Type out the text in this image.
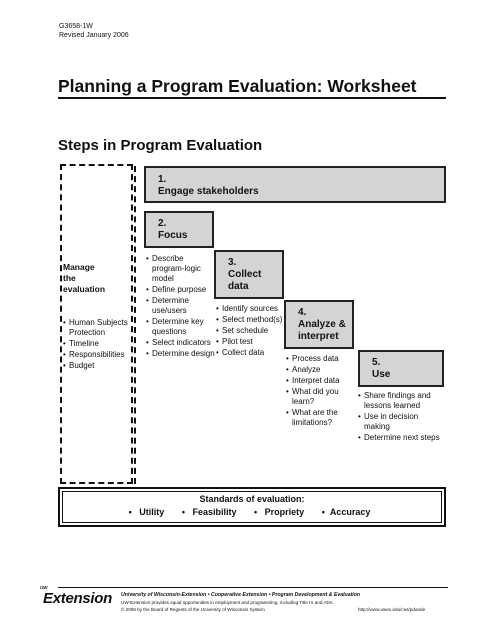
G3658-1W
Revised January 2006
Planning a Program Evaluation: Worksheet
Steps in Program Evaluation
Manage
the
evaluation
• Human Subjects Protection
• Timeline
• Responsibilities
• Budget
1.
Engage stakeholders
2.
Focus
• Describe program-logic model
• Define purpose
• Determine use/users
• Determine key questions
• Select indicators
• Determine design
3.
Collect
data
• Identify sources
• Select method(s)
• Set schedule
• Pilot test
• Collect data
4.
Analyze &
interpret
• Process data
• Analyze
• Interpret data
• What did you learn?
• What are the limitations?
5.
Use
• Share findings and lessons learned
• Use in decision making
• Determine next steps
Standards of evaluation:
• Utility • Feasibility • Propriety • Accuracy
UW
Extension University of Wisconsin-Extension • Cooperative Extension • Program Development & Evaluation
UW-Extension provides equal opportunities in employment and programming, including Title IX and ADA.
© 2006 by the Board of Regents of the University of Wisconsin System	http://www.uwex.edu/ces/pdande
